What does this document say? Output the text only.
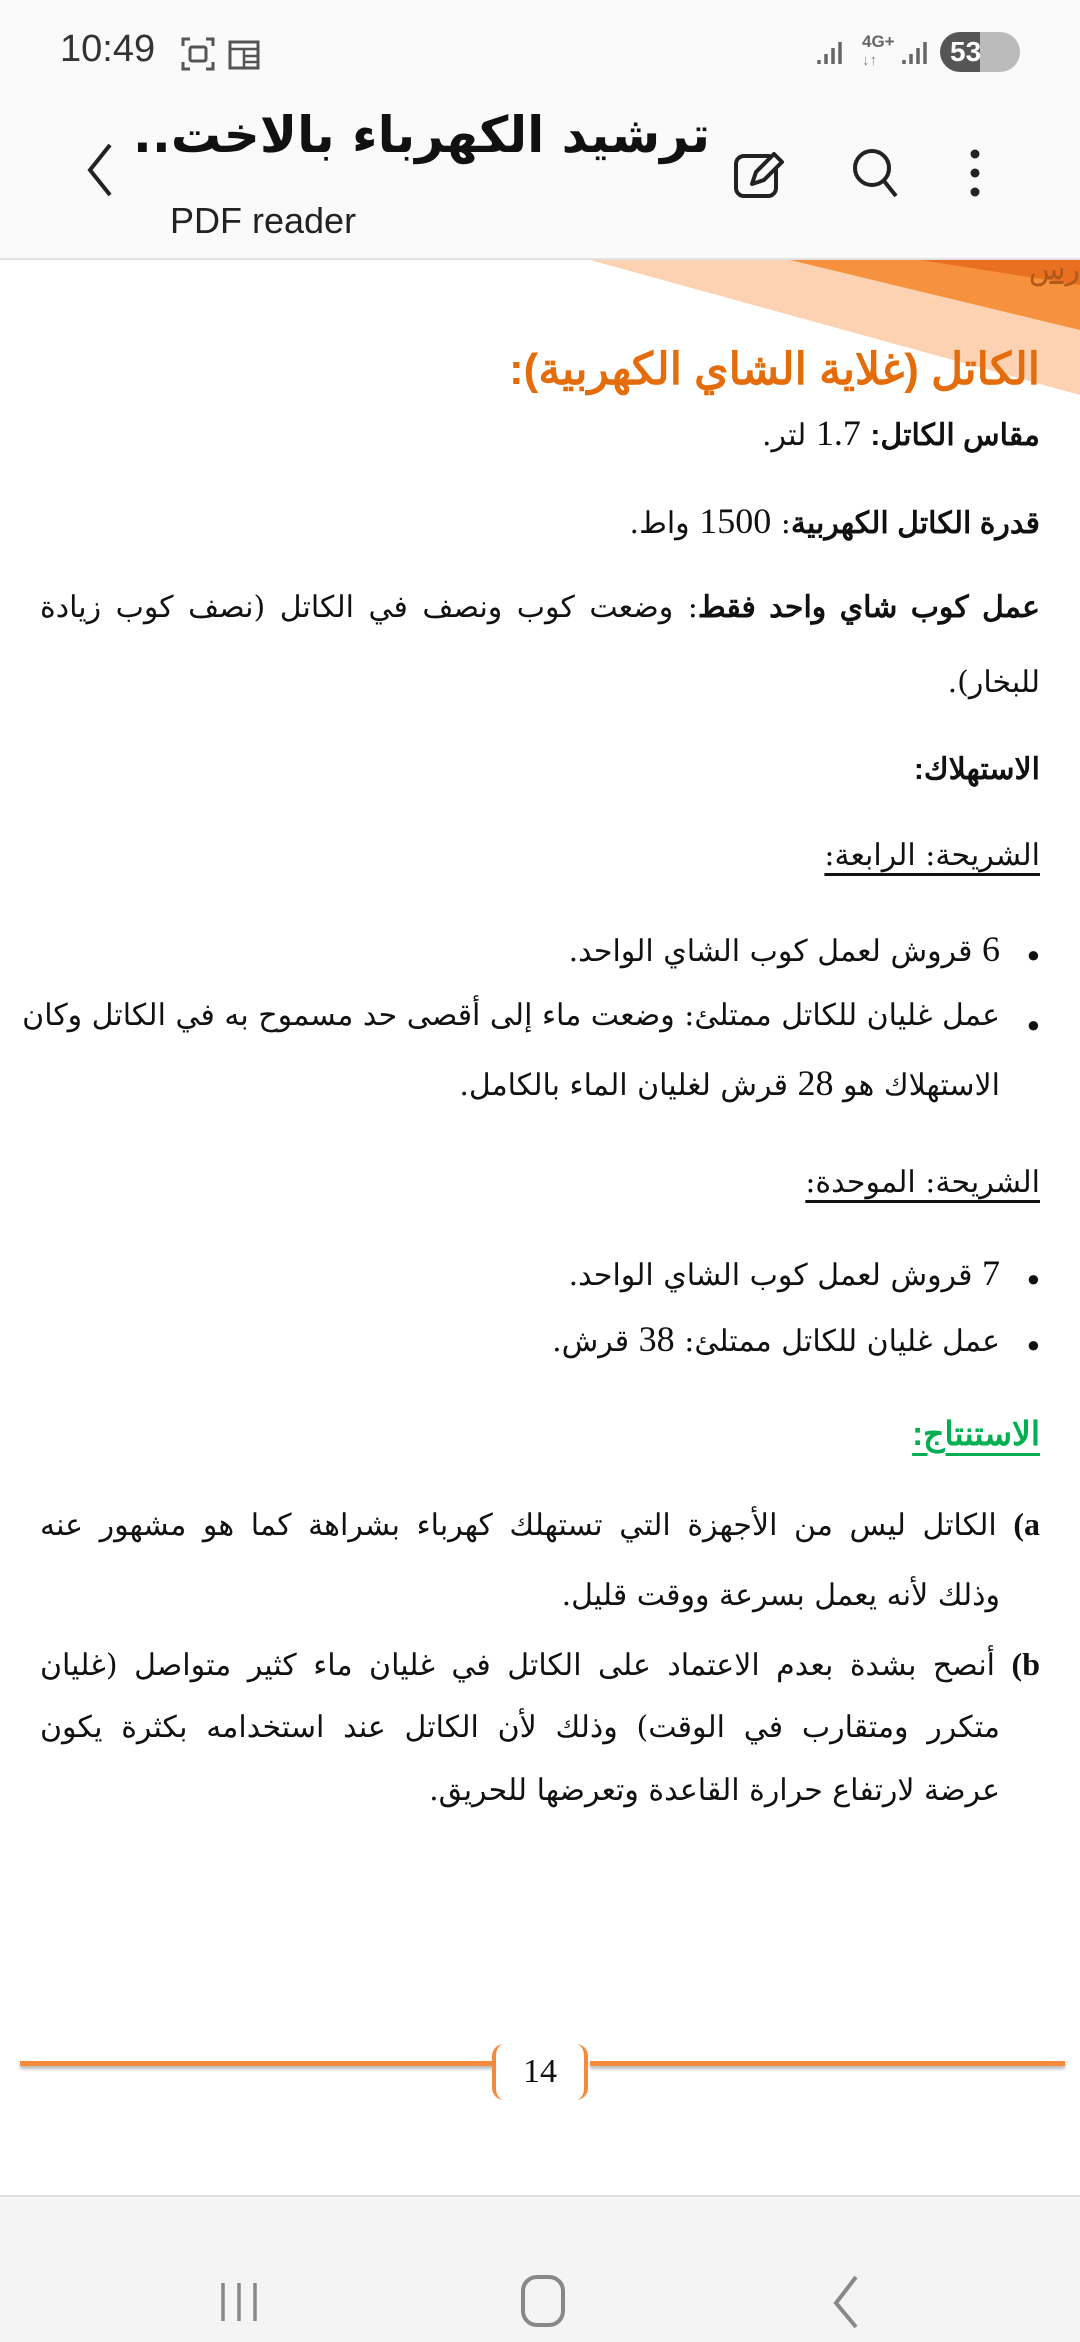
10:49	4G+
↓↑	53
ترشيد الكهرباء بالاخت..
PDF reader
رس
الكاتل (غلاية الشاي الكهربية):
مقاس الكاتل: 1.7 لتر.
قدرة الكاتل الكهربية: 1500 واط.
عمل كوب شاي واحد فقط: وضعت كوب ونصف في الكاتل (نصف كوب زيادة
للبخار).
الاستهلاك:
الشريحة: الرابعة:
●
6 قروش لعمل كوب الشاي الواحد.
●
عمل غليان للكاتل ممتلئ: وضعت ماء إلى أقصى حد مسموح به في الكاتل وكان
الاستهلاك هو 28 قرش لغليان الماء بالكامل.
الشريحة: الموحدة:
●
7 قروش لعمل كوب الشاي الواحد.
●
عمل غليان للكاتل ممتلئ: 38 قرش.
الاستنتاج:
a) الكاتل ليس من الأجهزة التي تستهلك كهرباء بشراهة كما هو مشهور عنه
وذلك لأنه يعمل بسرعة ووقت قليل.
b) أنصح بشدة بعدم الاعتماد على الكاتل في غليان ماء كثير متواصل (غليان
متكرر ومتقارب في الوقت) وذلك لأن الكاتل عند استخدامه بكثرة يكون
عرضة لارتفاع حرارة القاعدة وتعرضها للحريق.
14
